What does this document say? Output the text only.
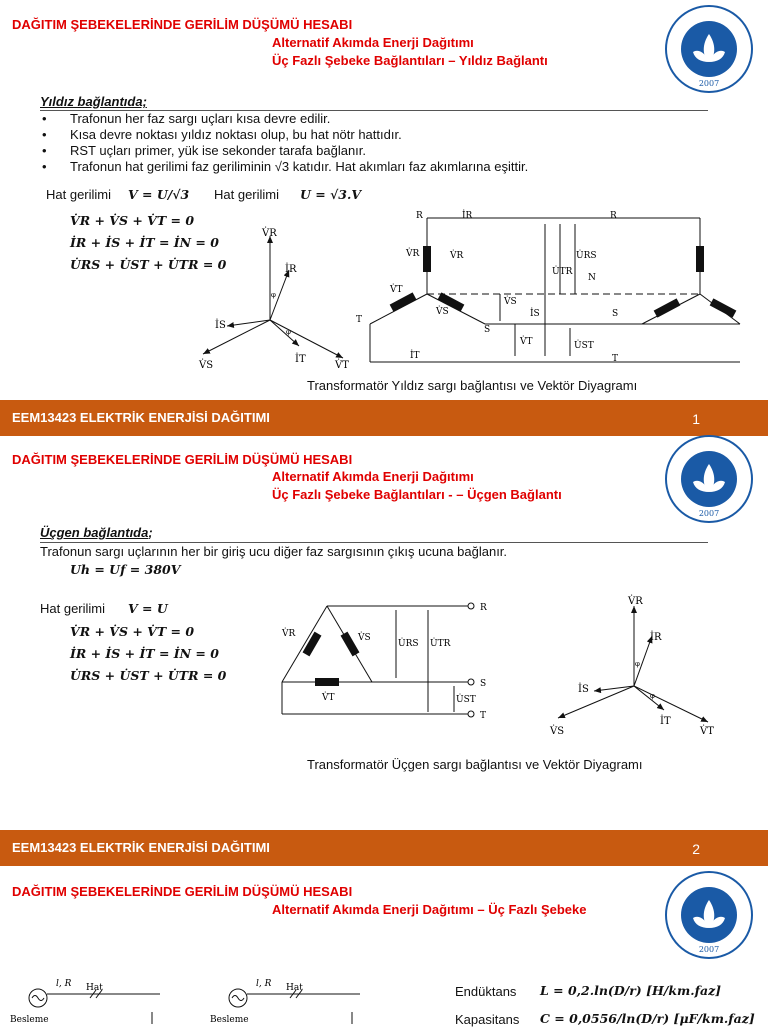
DAĞITIM ŞEBEKELERİNDE GERİLİM DÜŞÜMÜ HESABI
Alternatif Akımda Enerji Dağıtımı
Üç Fazlı Şebeke Bağlantıları – Yıldız Bağlantı
2007
Yıldız bağlantıda;
• Trafonun her faz sargı uçları kısa devre edilir.
• Kısa devre noktası yıldız noktası olup, bu hat nötr hattıdır.
• RST uçları primer, yük ise sekonder tarafa bağlanır.
• Trafonun hat gerilimi faz geriliminin √3 katıdır. Hat akımları faz akımlarına eşittir.
Hat gerilimi V = U/√3 Hat gerilimi U = √3.V
V̇R + V̇S + V̇T = 0
İR + İS + İT = İN = 0
U̇RS + U̇ST + U̇TR = 0
V̇R
İR
İS
V̇S
İT
V̇T
φ
φ
R	R
İR
V̇R	V̇R	U̇RS
U̇TR
N
V̇T
V̇S
V̇S
İS
S
S
T
V̇T	U̇ST
İT	T
Transformatör Yıldız sargı bağlantısı ve Vektör Diyagramı
EEM13423 ELEKTRİK ENERJİSİ DAĞITIMI	1
DAĞITIM ŞEBEKELERİNDE GERİLİM DÜŞÜMÜ HESABI
Alternatif Akımda Enerji Dağıtımı
Üç Fazlı Şebeke Bağlantıları - – Üçgen Bağlantı
2007
Üçgen bağlantıda;
Trafonun sargı uçlarının her bir giriş ucu diğer faz sargısının çıkış ucuna bağlanır.
Uh = Uf = 380V
Hat gerilimi V = U
V̇R + V̇S + V̇T = 0
İR + İS + İT = İN = 0
U̇RS + U̇ST + U̇TR = 0
R
S
T
V̇R	V̇S
V̇T
U̇RS U̇TR
U̇ST
V̇R
İR
İS
V̇S
İT
V̇T
φ
φ
Transformatör Üçgen sargı bağlantısı ve Vektör Diyagramı
EEM13423 ELEKTRİK ENERJİSİ DAĞITIMI	2
DAĞITIM ŞEBEKELERİNDE GERİLİM DÜŞÜMÜ HESABI
Alternatif Akımda Enerji Dağıtımı – Üç Fazlı Şebeke
2007
l, R Hat
Besleme
l, R Hat
Besleme
Endüktans L = 0,2.ln(D/r) [H/km.faz]
Kapasitans C = 0,0556/ln(D/r) [μF/km.faz]
